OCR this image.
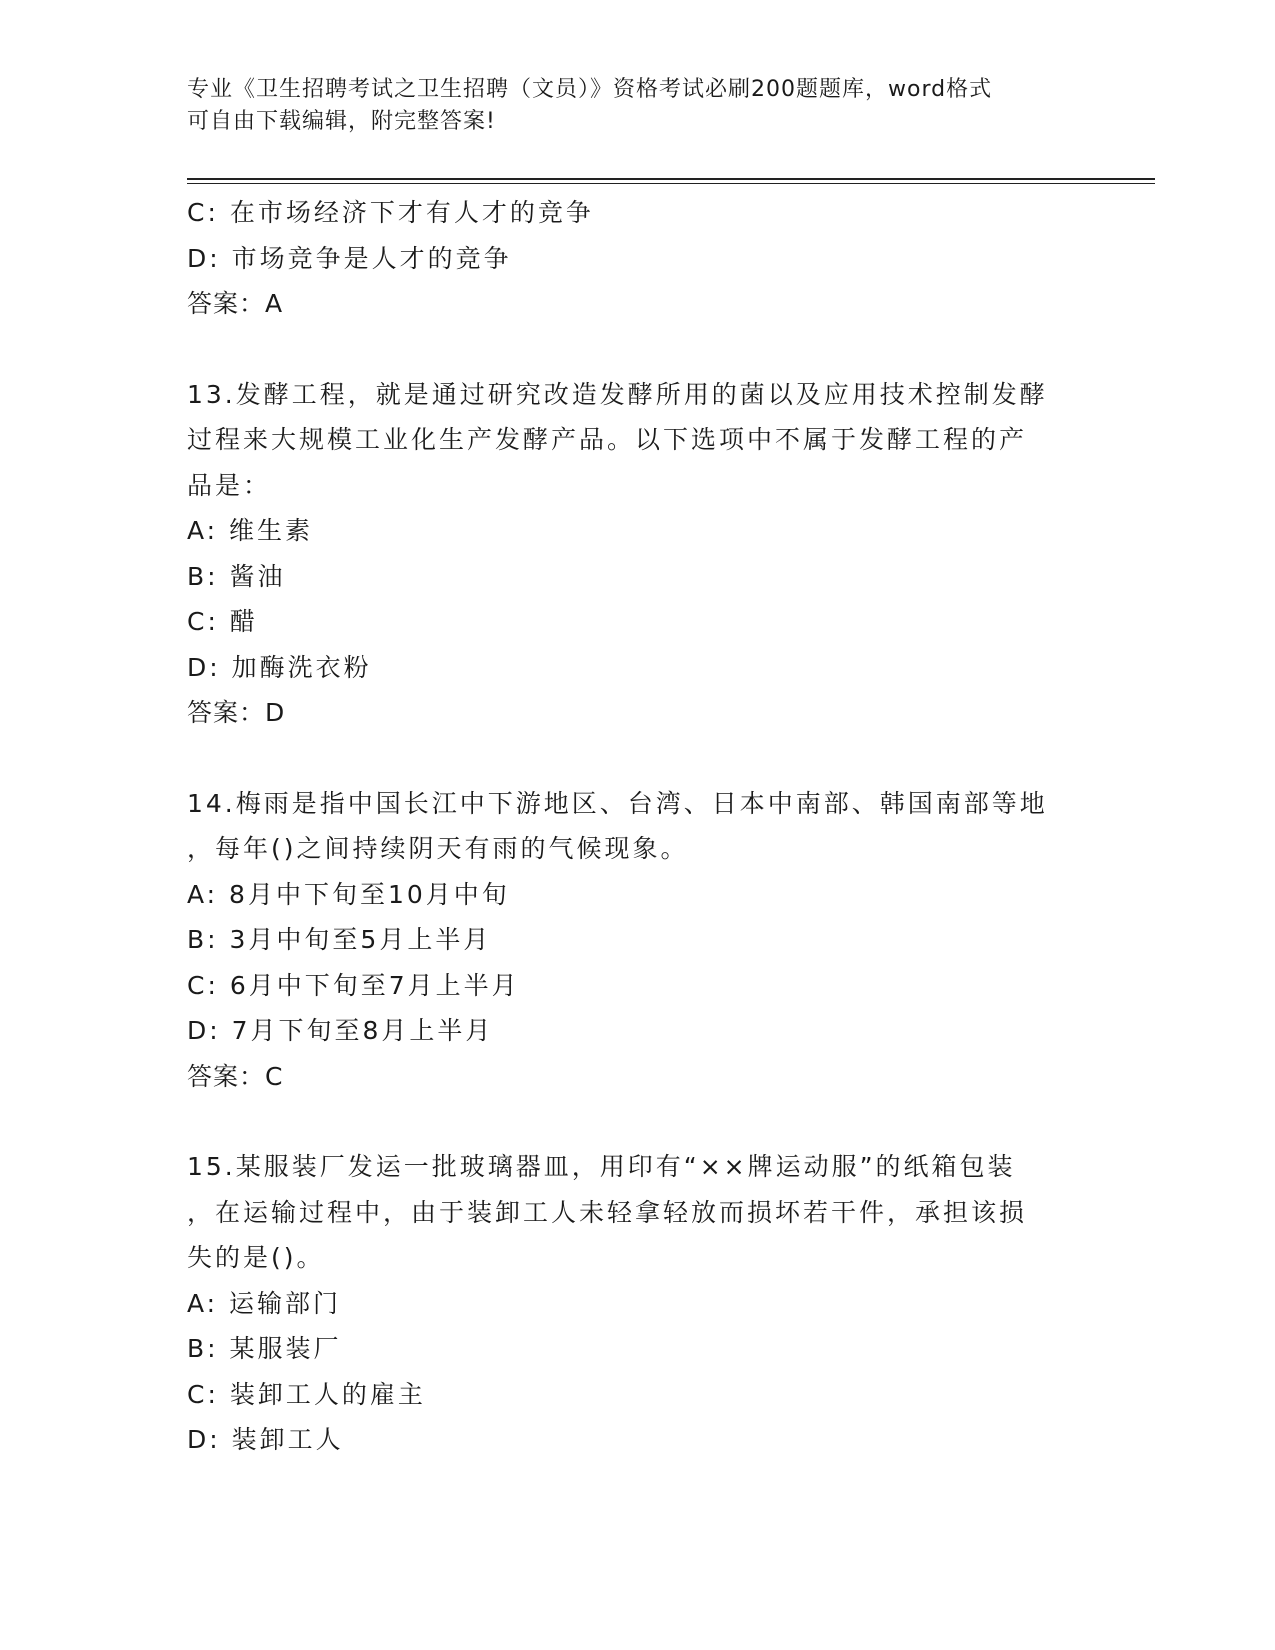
专业《卫生招聘考试之卫生招聘（文员）》资格考试必刷200题题库，word格式
可自由下载编辑，附完整答案!
C: 在市场经济下才有人才的竞争
D: 市场竞争是人才的竞争
答案：A
13.发酵工程，就是通过研究改造发酵所用的菌以及应用技术控制发酵
过程来大规模工业化生产发酵产品。以下选项中不属于发酵工程的产
品是：
A: 维生素
B: 酱油
C: 醋
D: 加酶洗衣粉
答案：D
14.梅雨是指中国长江中下游地区、台湾、日本中南部、韩国南部等地
，每年()之间持续阴天有雨的气候现象。
A: 8月中下旬至10月中旬
B: 3月中旬至5月上半月
C: 6月中下旬至7月上半月
D: 7月下旬至8月上半月
答案：C
15.某服装厂发运一批玻璃器皿，用印有“××牌运动服”的纸箱包装
，在运输过程中，由于装卸工人未轻拿轻放而损坏若干件，承担该损
失的是()。
A: 运输部门
B: 某服装厂
C: 装卸工人的雇主
D: 装卸工人
